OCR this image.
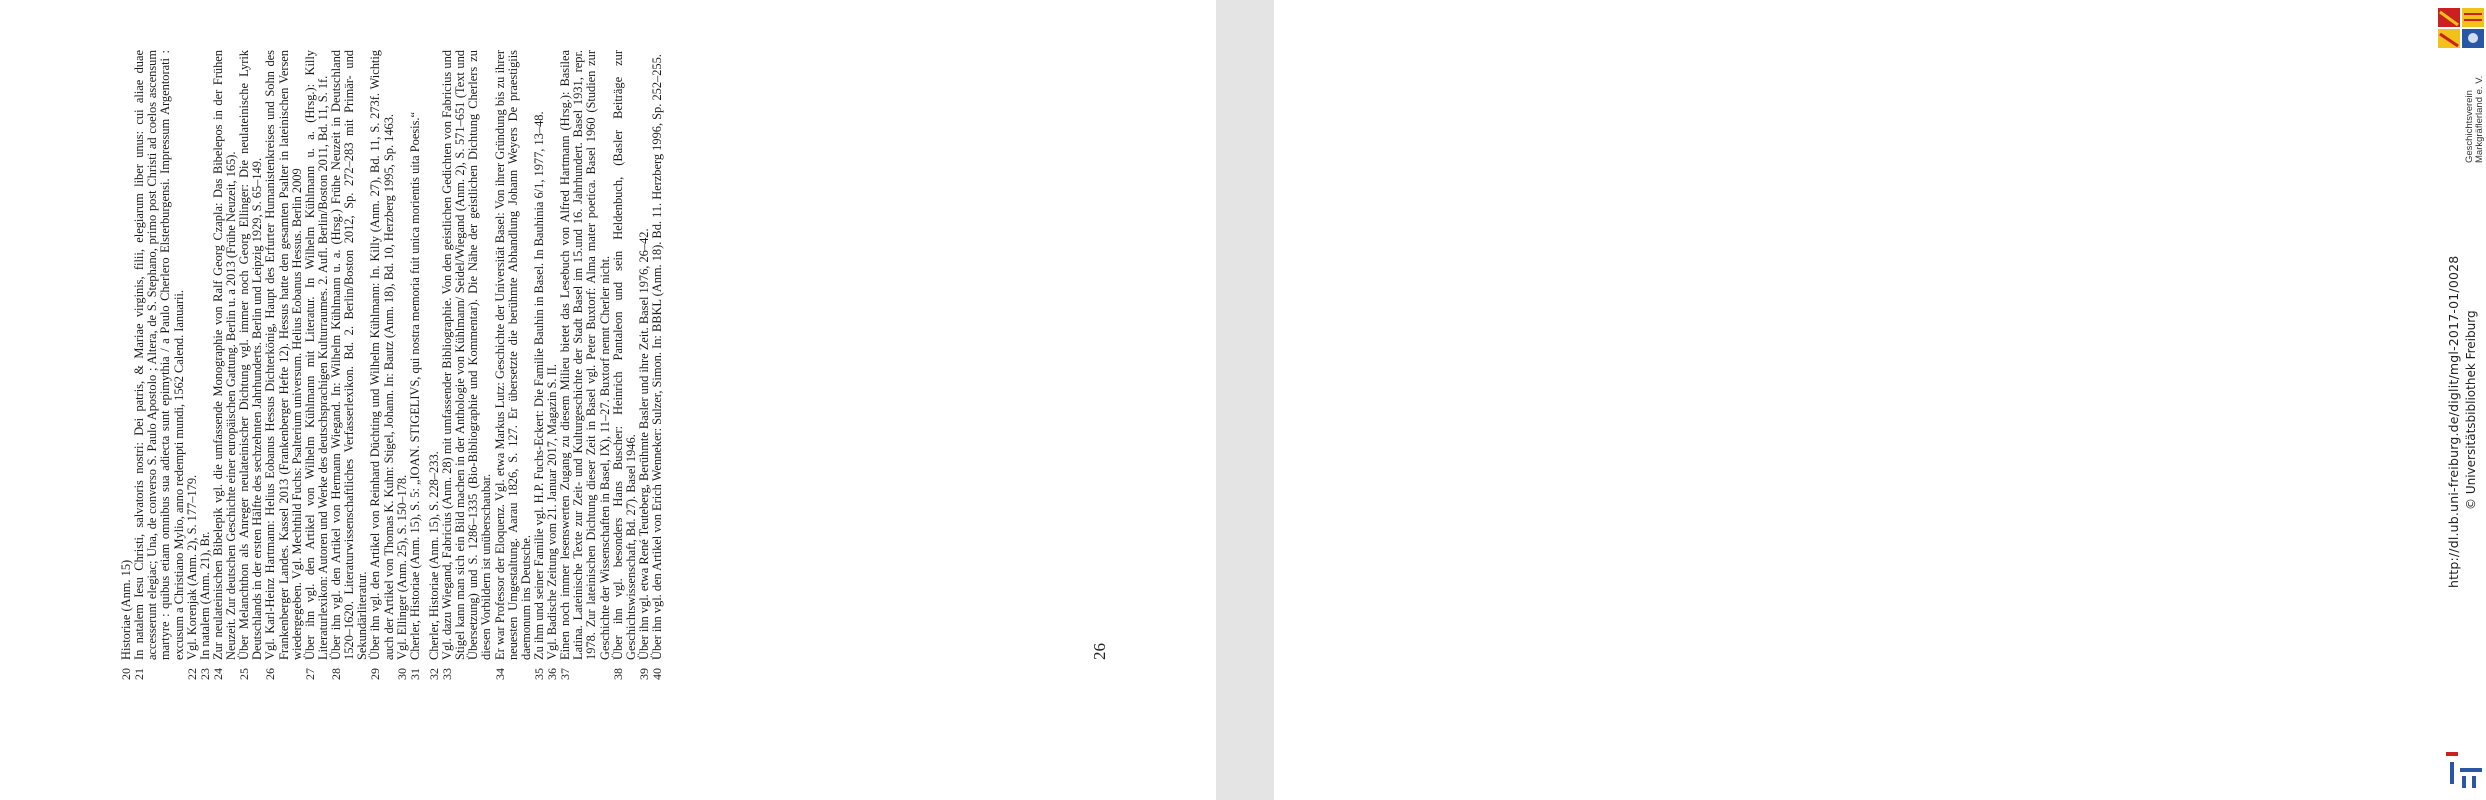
20
Historiae (Anm. 15)
21
In natalem Iesu Christi, salvatoris nostri: Dei patris, & Mariae virginis, filii, elegiarum liber unus: cui aliae duae accesserunt elegiac; Una, de converso S. Paulo Apostolo ; Altera, de S. Stephano, primo post Christi ad coelos ascensum martyre : quibus etiam omnibus sua adiecta sunt epimythia / a Paulo Cherlero Elsterburgensi. Impressum Argentorati : excusum a Christiano Mylio, anno redempti mundi, 1562 Calend. Ianuarii.
22
Vgl. Korenjak (Anm. 2), S. 177–179.
23
In natalem (Anm. 21), Br.
24
Zur neulateinischen Bibelepik vgl. die umfassende Monographie von Ralf Georg Czapla: Das Bibelepos in der Frühen Neuzeit. Zur deutschen Geschichte einer europäischen Gattung. Berlin u. a 2013 (Frühe Neuzeit, 165).
25
Über Melanchthon als Anreger neulateinischer Dichtung vgl. immer noch Georg Ellinger: Die neulateinische Lyrik Deutschlands in der ersten Hälfte des sechzehnten Jahrhunderts. Berlin und Leipzig 1929, S. 65–149.
26
Vgl. Karl-Heinz Hartmann: Helius Eobanus Hessus Dichterkönig, Haupt des Erfurter Humanistenkreises und Sohn des Frankenberger Landes. Kassel 2013 (Frankenberger Hefte 12). Hessus hatte den gesamten Psalter in lateinischen Versen wiedergegeben. Vgl. Mechthild Fuchs: Psalterium universum. Helius Eobanus Hessus. Berlin 2009
27
Über ihn vgl. den Artikel von Wilhelm Kühlmann mit Literatur. In Wilhelm Kühlmann u. a. (Hrsg.): Killy Literaturlexikon: Autoren und Werke des deutschsprachigen Kulturraumes. 2. Aufl. Berlin/Boston 2011, Bd. 11, S. 1f.
28
Über ihn vgl. den Artikel von Hermann Wiegand. In: Wilhelm Kühlmann u. a. (Hrsg.) Frühe Neuzeit in Deutschland 1520–1620. Literaturwissenschaftliches Verfasserlexikon. Bd. 2. Berlin/Boston 2012, Sp. 272–283 mit Primär- und Sekundärliteratur.
29
Über ihn vgl. den Artikel von Reinhard Düchting und Wilhelm Kühlmann: In. Killy (Anm. 27), Bd. 11, S. 273f. Wichtig auch der Artikel von Thomas K. Kuhn: Stigel, Johann. In: Bautz (Anm. 18), Bd. 10, Herzberg 1995, Sp. 1463.
30
Vgl. Ellinger (Anm. 25), S. 150–178.
31
Cherler, Historiae (Anm. 15), S. 5: „IOAN. STIGELIVS, qui nostra memoria fuit unica morientis uita Poesis.“
32
Cherler, Historiae (Anm. 15), S. 228–233.
33
Vgl. dazu Wiegand, Fabricius (Anm. 28) mit umfassender Bibliographie. Von den geistlichen Gedichten von Fabricius und Stigel kann man sich ein Bild machen in der Anthologie von Kühlmann/ Seidel/Wiegand (Anm. 2), S. 571–651 (Text und Übersetzung) und S. 1286–1335 (Bio-Bibliographie und Kommentar). Die Nähe der geistlichen Dichtung Cherlers zu diesen Vorbildern ist unüberschaubar.
34
Er war Professor der Eloquenz. Vgl. etwa Markus Lutz: Geschichte der Universität Basel: Von ihrer Gründung bis zu ihrer neuesten Umgestaltung. Aarau 1826, S. 127. Er übersetzte die berühmte Abhandlung Johann Weyers De praestigiis daemonum ins Deutsche.
35
Zu ihm und seiner Familie vgl. H.P. Fuchs-Eckert: Die Familie Bauhin in Basel. In Bauhinia 6/1, 1977, 13–48.
36
Vgl. Badische Zeitung vom 21. Januar 2017, Magazin S. II.
37
Einen noch immer lesenswerten Zugang zu diesem Milieu bietet das Lesebuch von Alfred Hartmann (Hrsg.): Basilea Latina. Lateinische Texte zur Zeit- und Kulturgeschichte der Stadt Basel im 15.und 16. Jahrhundert. Basel 1931, repr. 1978. Zur lateinischen Dichtung dieser Zeit in Basel vgl. Peter Buxtorf: Alma mater poetica. Basel 1960 (Studien zur Geschichte der Wissenschaften in Basel, IX), 11–27. Buxtorf nennt Cherler nicht.
38
Über ihn vgl. besonders Hans Buscher: Heinrich Pantaleon und sein Heldenbuch, (Basler Beiträge zur Geschichtswissenschaft, Bd. 27). Basel 1946.
39
Über ihn vgl. etwa René Teuteberg, Berühmte Basler und ihre Zeit. Basel 1976, 26–42.
40
Über ihn vgl. den Artikel von Erich Wenneker: Sulzer, Simon. In: BBKL (Anm. 18). Bd. 11. Herzberg 1996, Sp. 252–255.	26
Geschichtsverein Markgräflerland e. V.
http://dl.ub.uni-freiburg.de/diglit/mgl-2017-01/0028 © Universitätsbibliothek Freiburg
